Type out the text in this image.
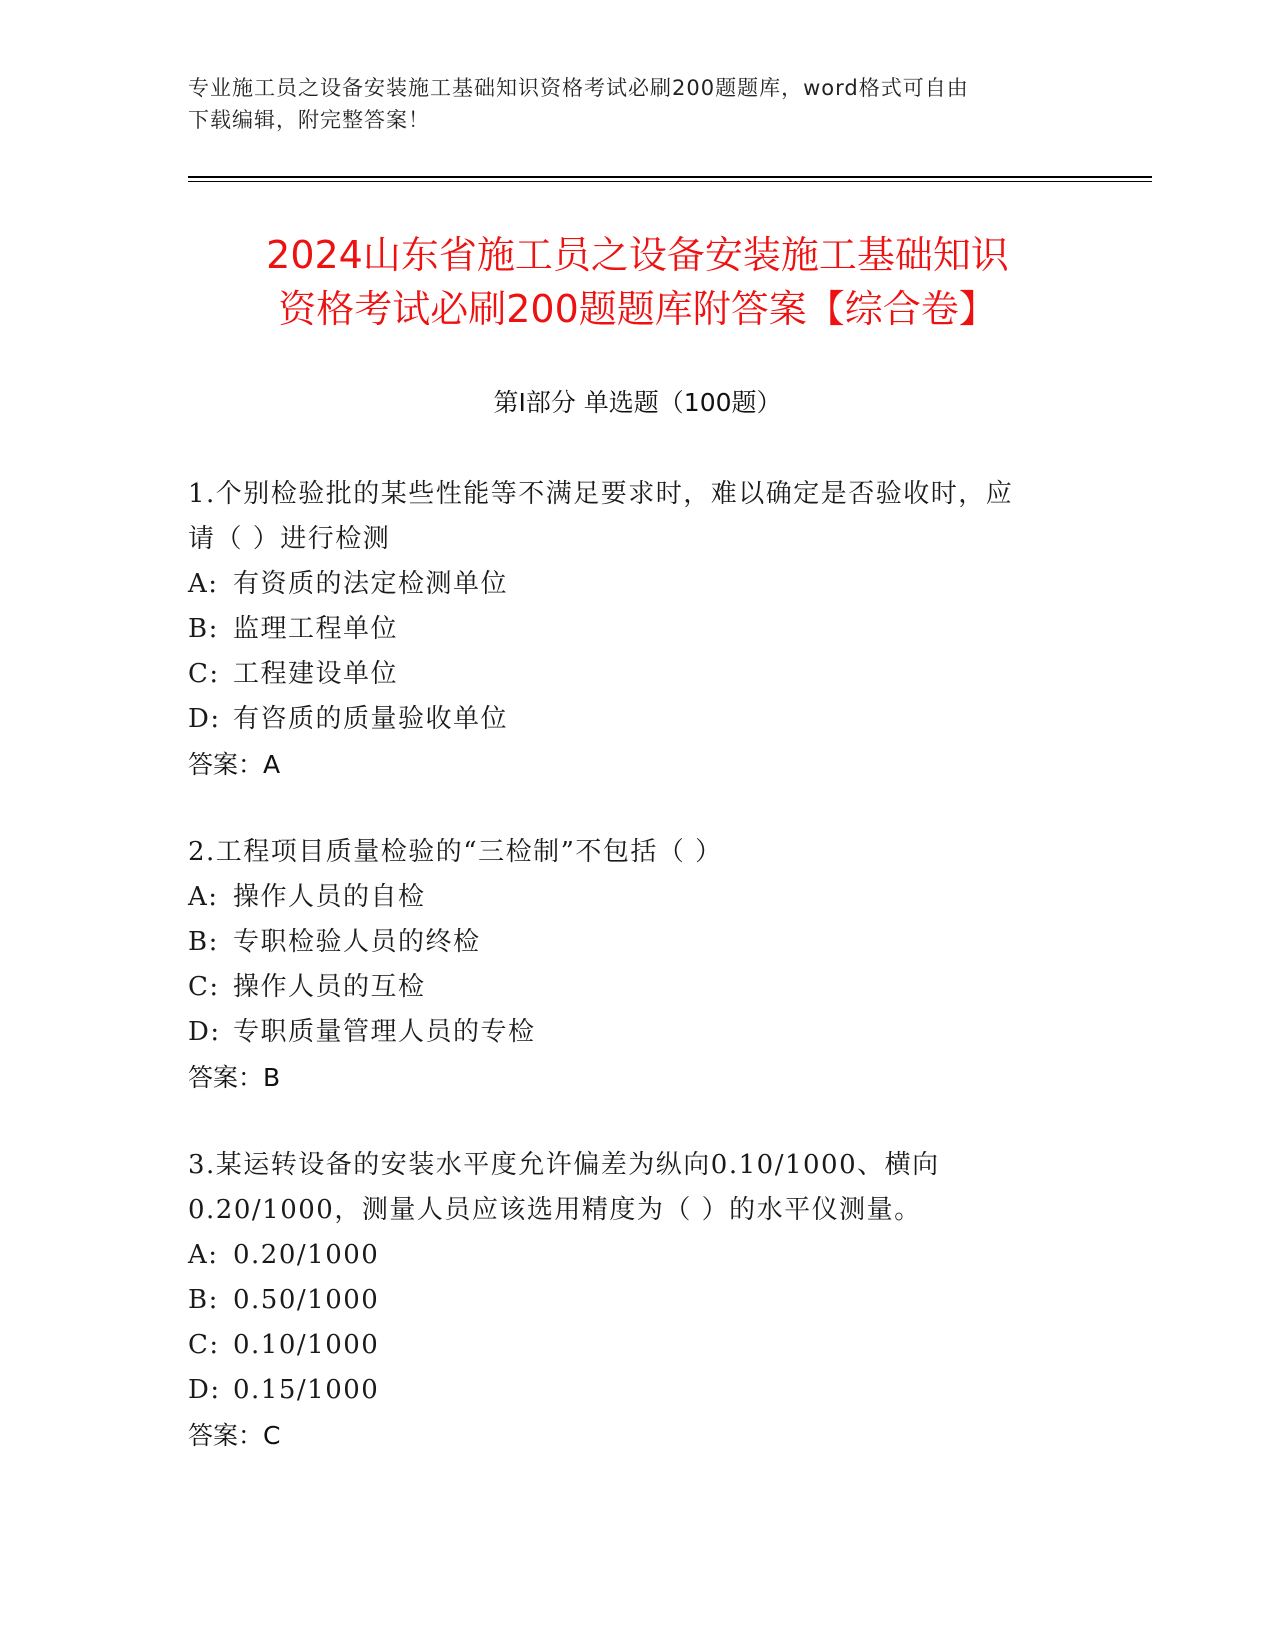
专业施工员之设备安装施工基础知识资格考试必刷200题题库，word格式可自由
下载编辑，附完整答案！
2024山东省施工员之设备安装施工基础知识
资格考试必刷200题题库附答案【综合卷】
第Ⅰ部分 单选题（100题）
1.个别检验批的某些性能等不满足要求时，难以确定是否验收时，应
请（ ）进行检测
A: 有资质的法定检测单位
B: 监理工程单位
C: 工程建设单位
D: 有咨质的质量验收单位
答案：A
2.工程项目质量检验的“三检制”不包括（ ）
A: 操作人员的自检
B: 专职检验人员的终检
C: 操作人员的互检
D: 专职质量管理人员的专检
答案：B
3.某运转设备的安装水平度允许偏差为纵向0.10/1000、横向
0.20/1000，测量人员应该选用精度为（ ）的水平仪测量。
A: 0.20/1000
B: 0.50/1000
C: 0.10/1000
D: 0.15/1000
答案：C
